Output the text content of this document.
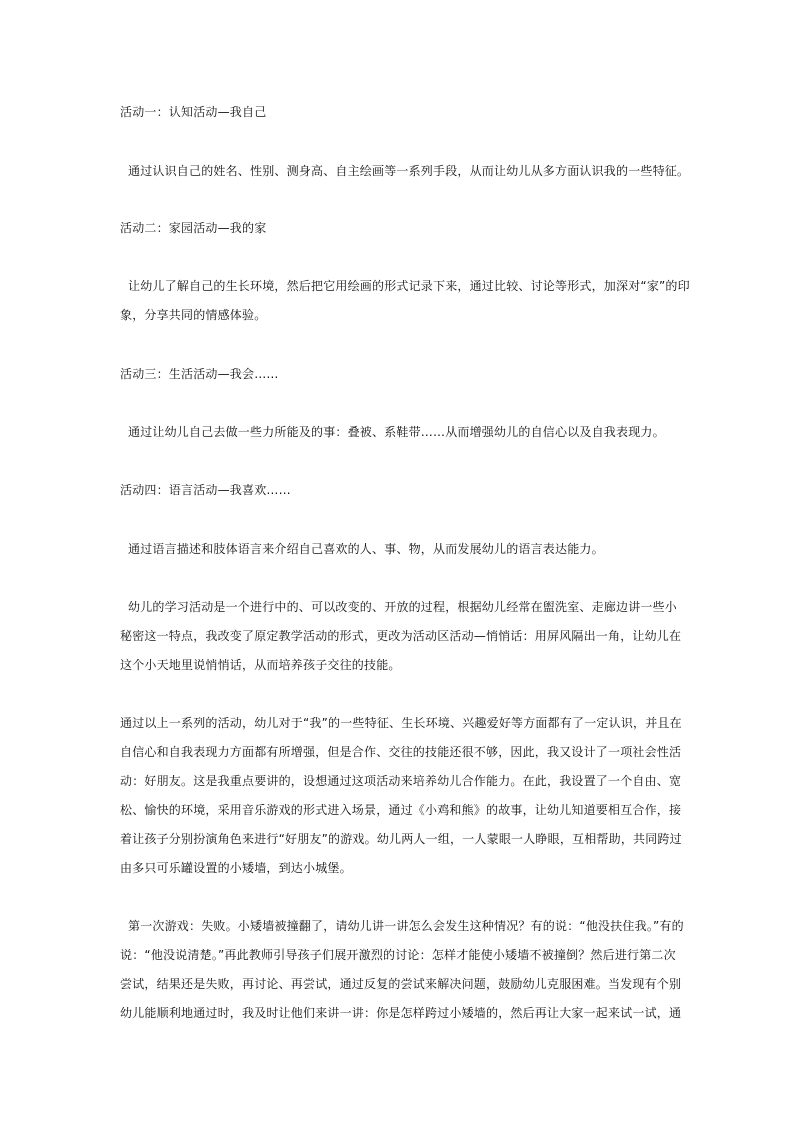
活动一：认知活动—我自己
通过认识自己的姓名、性别、测身高、自主绘画等一系列手段，从而让幼儿从多方面认识我的一些特征。
活动二：家园活动—我的家
让幼儿了解自己的生长环境，然后把它用绘画的形式记录下来，通过比较、讨论等形式，加深对“家”的印
象，分享共同的情感体验。
活动三：生活活动—我会……
通过让幼儿自己去做一些力所能及的事：叠被、系鞋带……从而增强幼儿的自信心以及自我表现力。
活动四：语言活动—我喜欢……
通过语言描述和肢体语言来介绍自己喜欢的人、事、物，从而发展幼儿的语言表达能力。
幼儿的学习活动是一个进行中的、可以改变的、开放的过程，根据幼儿经常在盥洗室、走廊边讲一些小
秘密这一特点，我改变了原定教学活动的形式，更改为活动区活动—悄悄话：用屏风隔出一角，让幼儿在
这个小天地里说悄悄话，从而培养孩子交往的技能。
通过以上一系列的活动，幼儿对于“我”的一些特征、生长环境、兴趣爱好等方面都有了一定认识，并且在
自信心和自我表现力方面都有所增强，但是合作、交往的技能还很不够，因此，我又设计了一项社会性活
动：好朋友。这是我重点要讲的，设想通过这项活动来培养幼儿合作能力。在此，我设置了一个自由、宽
松、愉快的环境，采用音乐游戏的形式进入场景，通过《小鸡和熊》的故事，让幼儿知道要相互合作，接
着让孩子分别扮演角色来进行“好朋友”的游戏。幼儿两人一组，一人蒙眼一人睁眼，互相帮助，共同跨过
由多只可乐罐设置的小矮墙，到达小城堡。
第一次游戏：失败。小矮墙被撞翻了，请幼儿讲一讲怎么会发生这种情况？有的说：“他没扶住我。”有的
说：“他没说清楚。”再此教师引导孩子们展开激烈的讨论：怎样才能使小矮墙不被撞倒？然后进行第二次
尝试，结果还是失败，再讨论、再尝试，通过反复的尝试来解决问题，鼓励幼儿克服困难。当发现有个别
幼儿能顺利地通过时，我及时让他们来讲一讲：你是怎样跨过小矮墙的，然后再让大家一起来试一试，通
